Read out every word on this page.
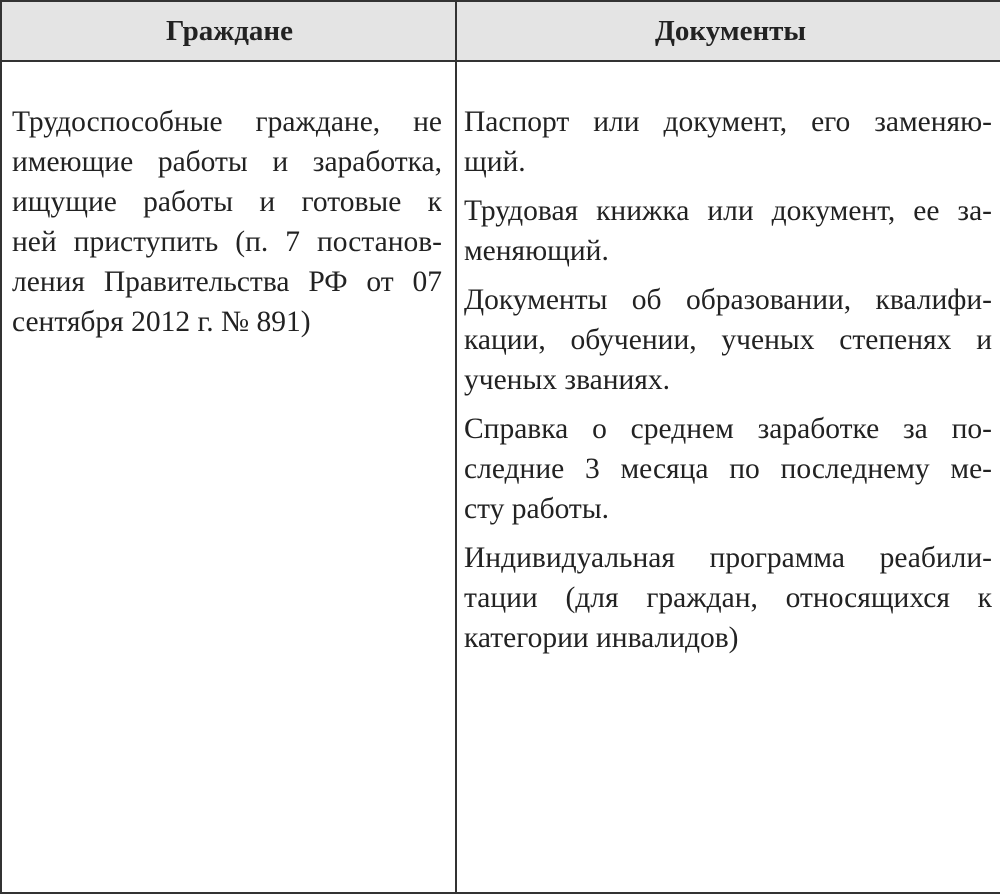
Граждане	Документы
Трудоспособные граждане, не
имеющие работы и заработка,
ищущие работы и готовые к
ней приступить (п. 7 постанов-
ления Правительства РФ от 07
сентября 2012 г. № 891)
Паспорт или документ, его заменяю-
щий.
Трудовая книжка или документ, ее за-
меняющий.
Документы об образовании, квалифи-
кации, обучении, ученых степенях и
ученых званиях.
Справка о среднем заработке за по-
следние 3 месяца по последнему ме-
сту работы.
Индивидуальная программа реабили-
тации (для граждан, относящихся к
категории инвалидов)
